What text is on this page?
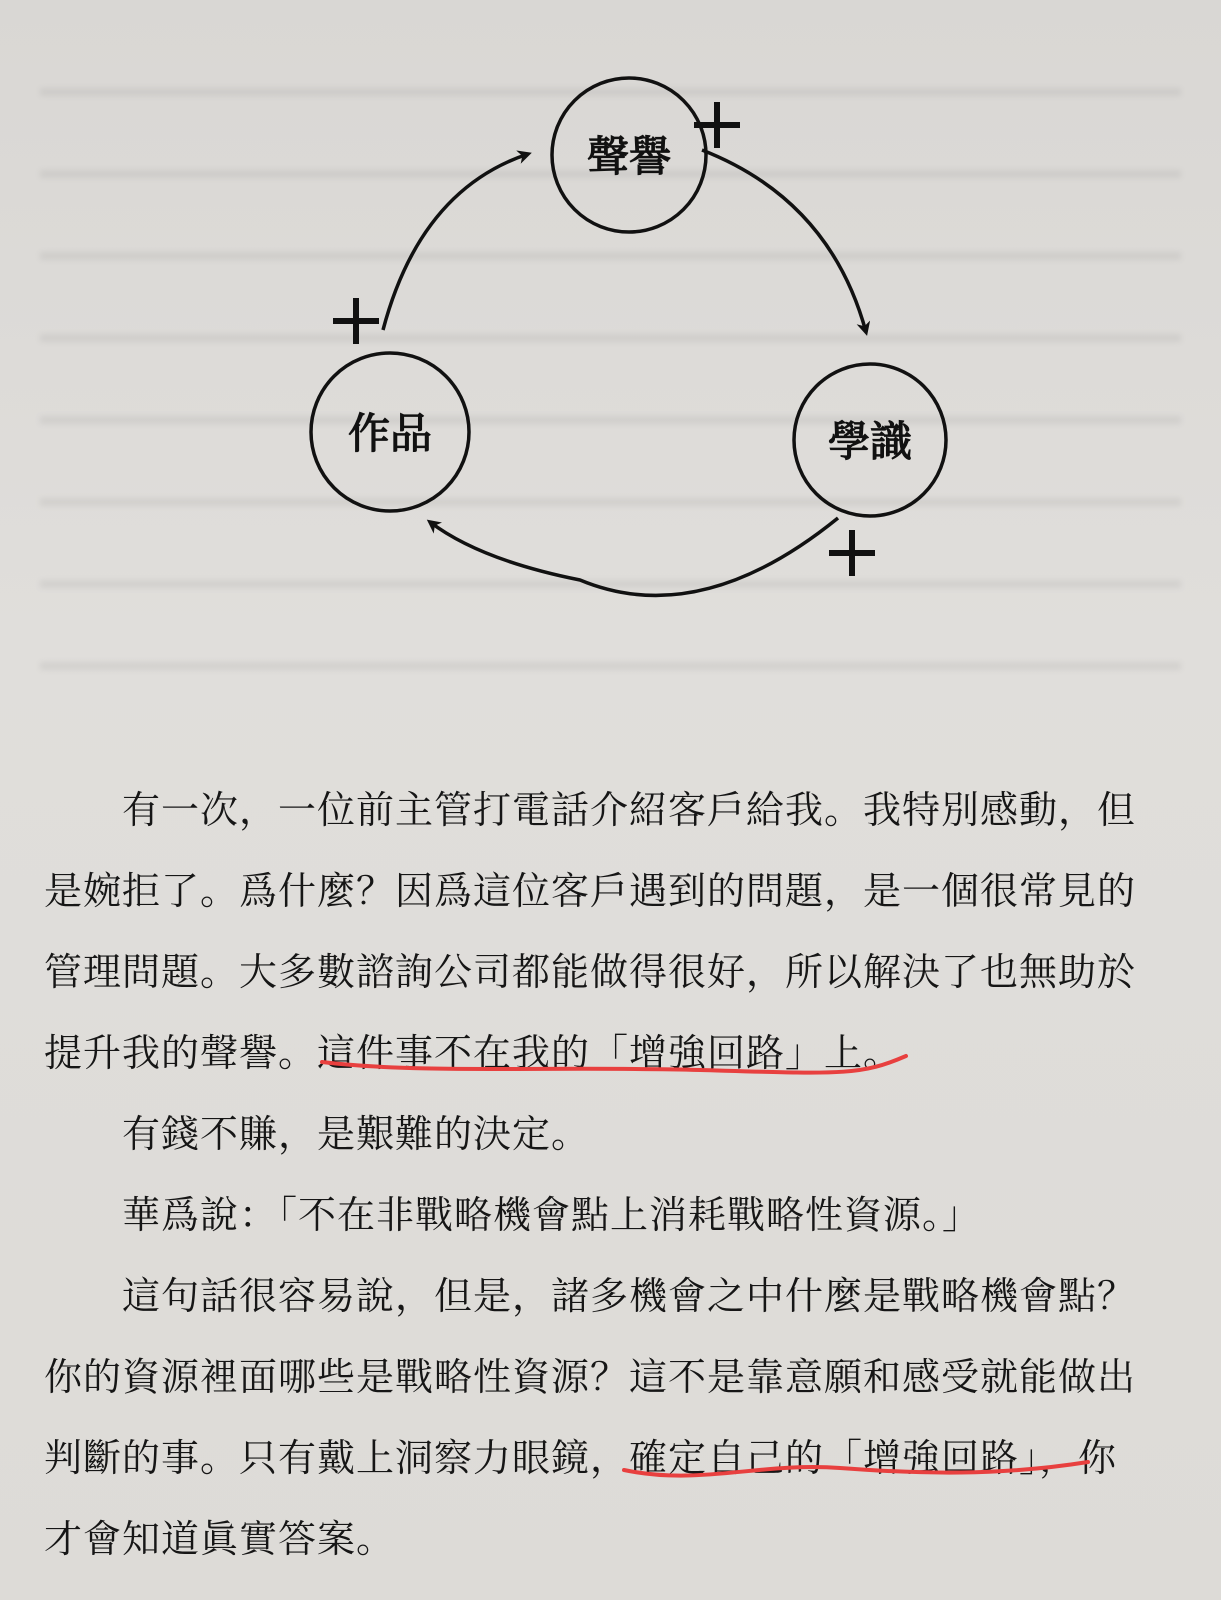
聲譽
學識
作品
有一次，一位前主管打電話介紹客戶給我。我特別感動，但
是婉拒了。爲什麼？因爲這位客戶遇到的問題，是一個很常見的
管理問題。大多數諮詢公司都能做得很好，所以解決了也無助於
提升我的聲譽。這件事不在我的「增強回路」上。
有錢不賺，是艱難的決定。
華爲說：「不在非戰略機會點上消耗戰略性資源。」
這句話很容易說，但是，諸多機會之中什麼是戰略機會點？
你的資源裡面哪些是戰略性資源？這不是靠意願和感受就能做出
判斷的事。只有戴上洞察力眼鏡，確定自己的「增強回路」，你
才會知道眞實答案。
